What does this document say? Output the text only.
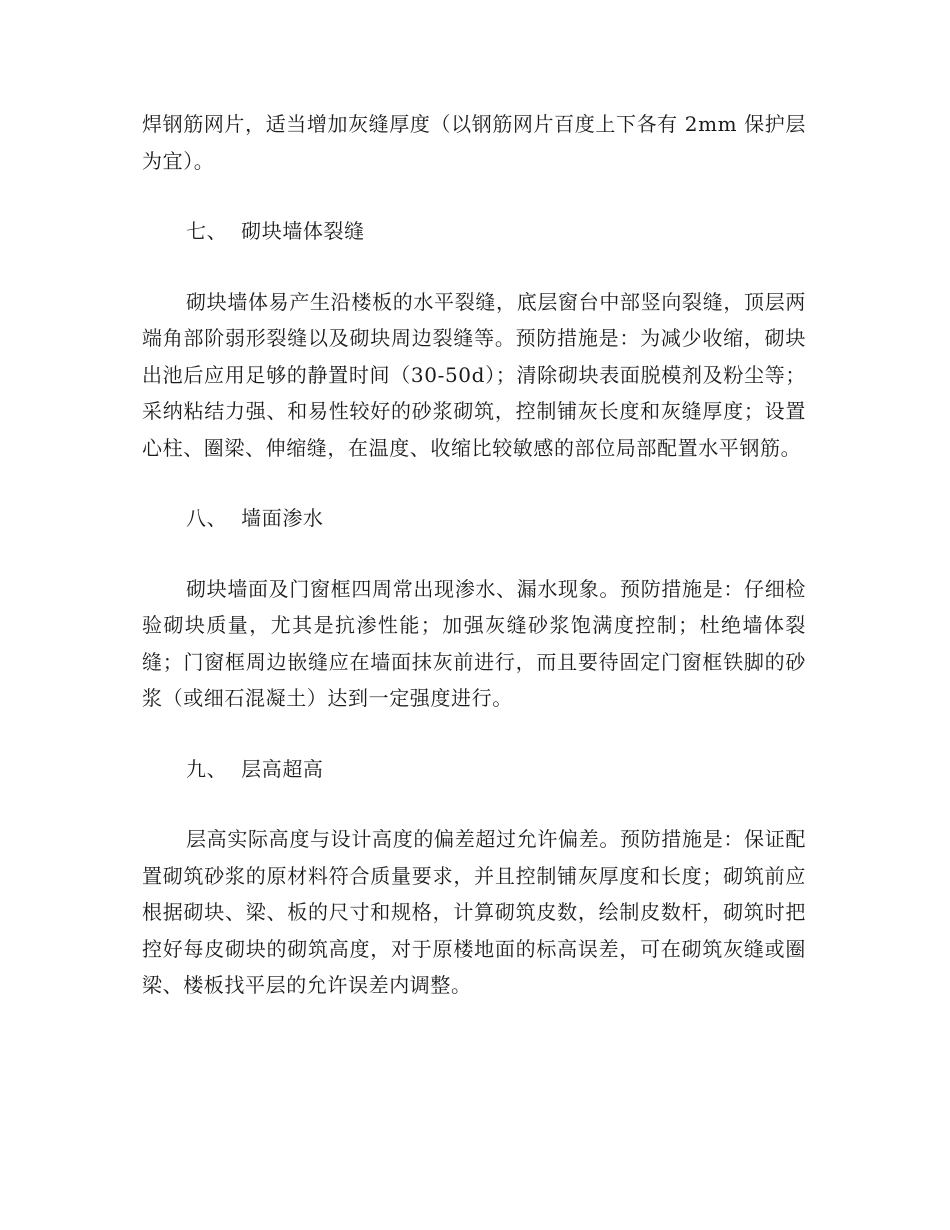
焊钢筋网片，适当增加灰缝厚度（以钢筋网片百度上下各有 2mm 保护层为宜）。

七、  砌块墙体裂缝

砌块墙体易产生沿楼板的水平裂缝，底层窗台中部竖向裂缝，顶层两端角部阶弱形裂缝以及砌块周边裂缝等。预防措施是：为减少收缩，砌块出池后应用足够的静置时间（30-50d）；清除砌块表面脱模剂及粉尘等；采纳粘结力强、和易性较好的砂浆砌筑，控制铺灰长度和灰缝厚度；设置心柱、圈梁、伸缩缝，在温度、收缩比较敏感的部位局部配置水平钢筋。

八、  墙面渗水

砌块墙面及门窗框四周常出现渗水、漏水现象。预防措施是：仔细检验砌块质量，尤其是抗渗性能；加强灰缝砂浆饱满度控制；杜绝墙体裂缝；门窗框周边嵌缝应在墙面抹灰前进行，而且要待固定门窗框铁脚的砂浆（或细石混凝土）达到一定强度进行。

九、  层高超高

层高实际高度与设计高度的偏差超过允许偏差。预防措施是：保证配置砌筑砂浆的原材料符合质量要求，并且控制铺灰厚度和长度；砌筑前应根据砌块、梁、板的尺寸和规格，计算砌筑皮数，绘制皮数杆，砌筑时把控好每皮砌块的砌筑高度，对于原楼地面的标高误差，可在砌筑灰缝或圈梁、楼板找平层的允许误差内调整。
